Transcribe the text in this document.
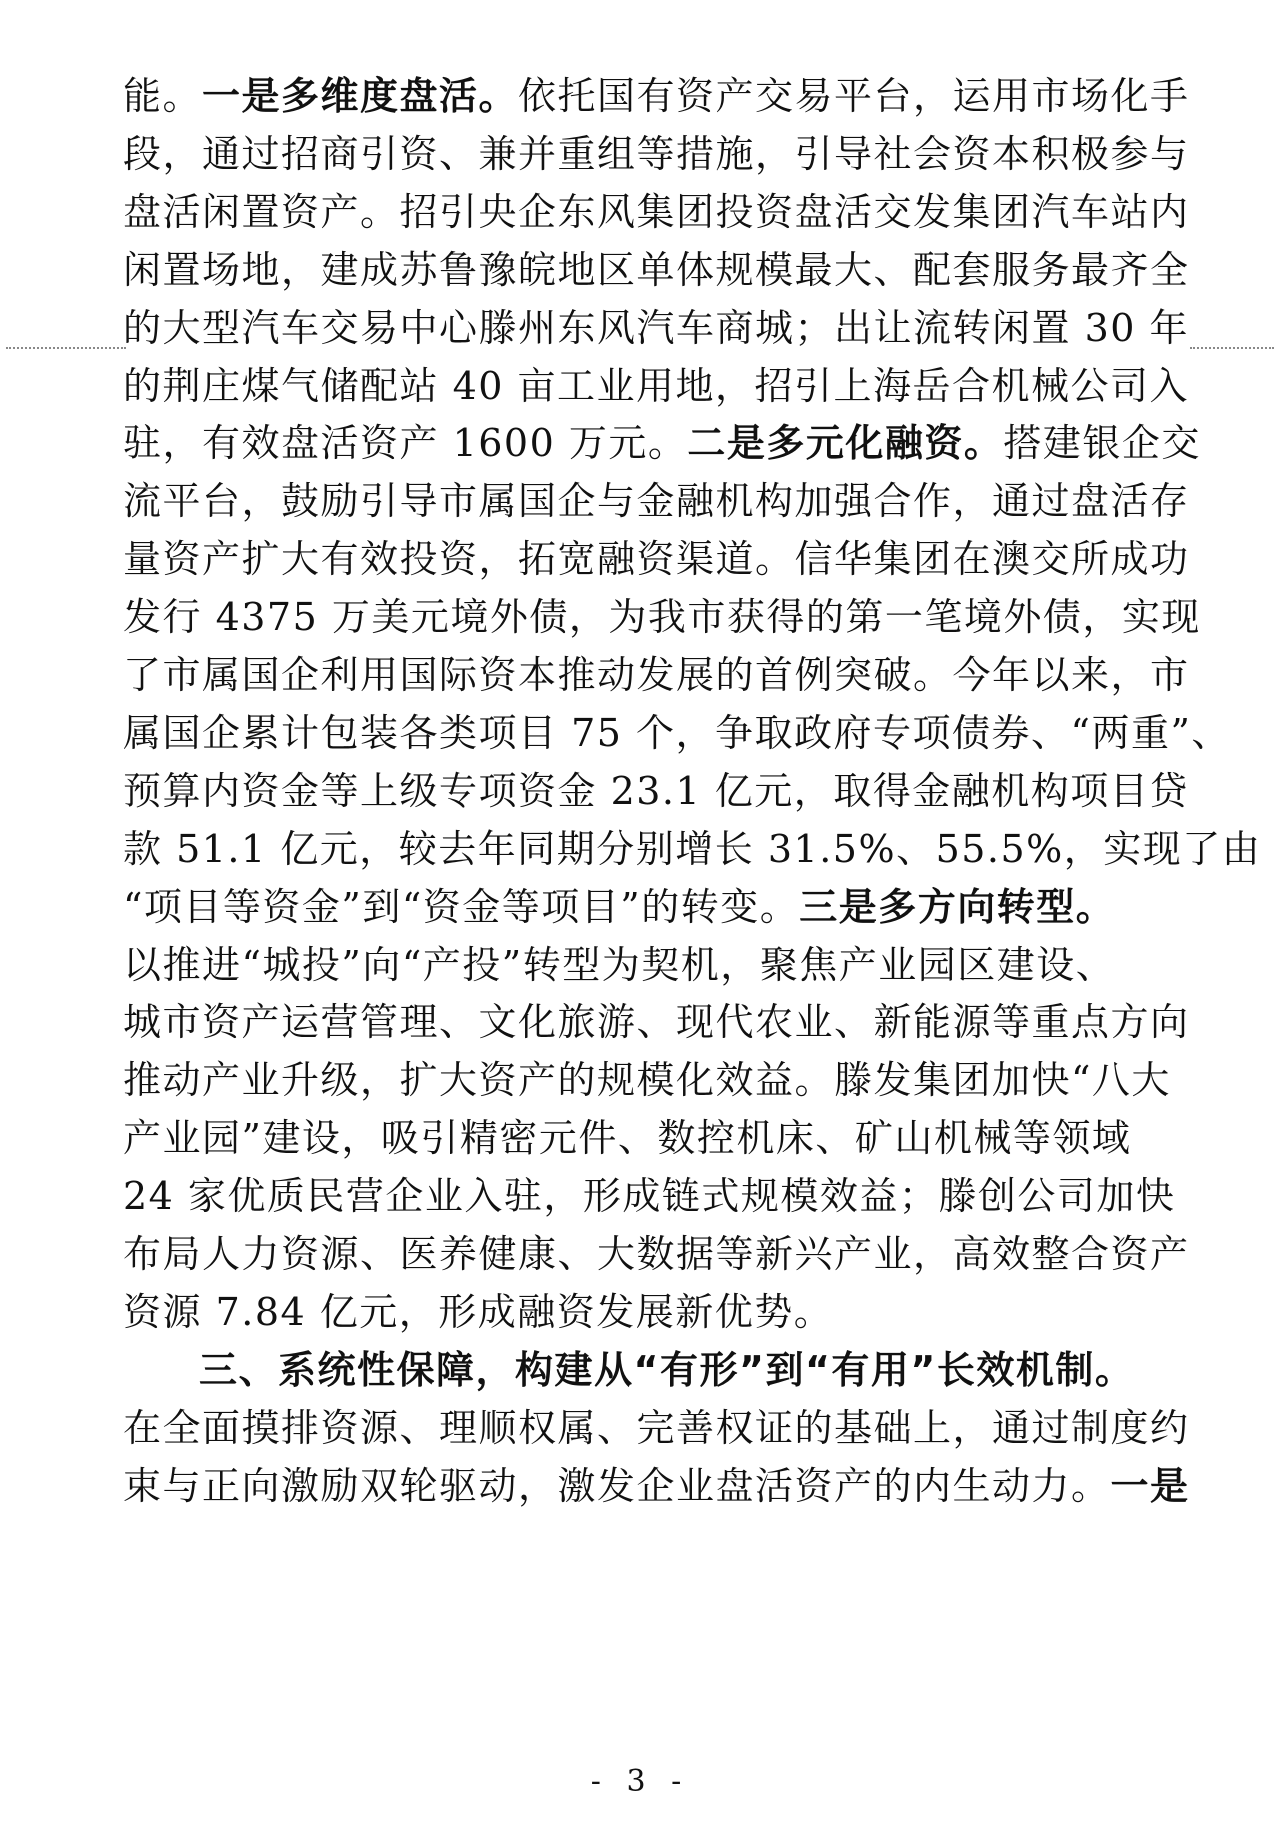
能。一是多维度盘活。依托国有资产交易平台，运用市场化手
段，通过招商引资、兼并重组等措施，引导社会资本积极参与
盘活闲置资产。招引央企东风集团投资盘活交发集团汽车站内
闲置场地，建成苏鲁豫皖地区单体规模最大、配套服务最齐全
的大型汽车交易中心滕州东风汽车商城；出让流转闲置 30 年
的荆庄煤气储配站 40 亩工业用地，招引上海岳合机械公司入
驻，有效盘活资产 1600 万元。二是多元化融资。搭建银企交
流平台，鼓励引导市属国企与金融机构加强合作，通过盘活存
量资产扩大有效投资，拓宽融资渠道。信华集团在澳交所成功
发行 4375 万美元境外债，为我市获得的第一笔境外债，实现
了市属国企利用国际资本推动发展的首例突破。今年以来，市
属国企累计包装各类项目 75 个，争取政府专项债券、“两重”、
预算内资金等上级专项资金 23.1 亿元，取得金融机构项目贷
款 51.1 亿元，较去年同期分别增长 31.5%、55.5%，实现了由
“项目等资金”到“资金等项目”的转变。三是多方向转型。
以推进“城投”向“产投”转型为契机，聚焦产业园区建设、
城市资产运营管理、文化旅游、现代农业、新能源等重点方向
推动产业升级，扩大资产的规模化效益。滕发集团加快“八大
产业园”建设，吸引精密元件、数控机床、矿山机械等领域
24 家优质民营企业入驻，形成链式规模效益；滕创公司加快
布局人力资源、医养健康、大数据等新兴产业，高效整合资产
资源 7.84 亿元，形成融资发展新优势。
三、系统性保障，构建从“有形”到“有用”长效机制。
在全面摸排资源、理顺权属、完善权证的基础上，通过制度约
束与正向激励双轮驱动，激发企业盘活资产的内生动力。一是
- 3 -
